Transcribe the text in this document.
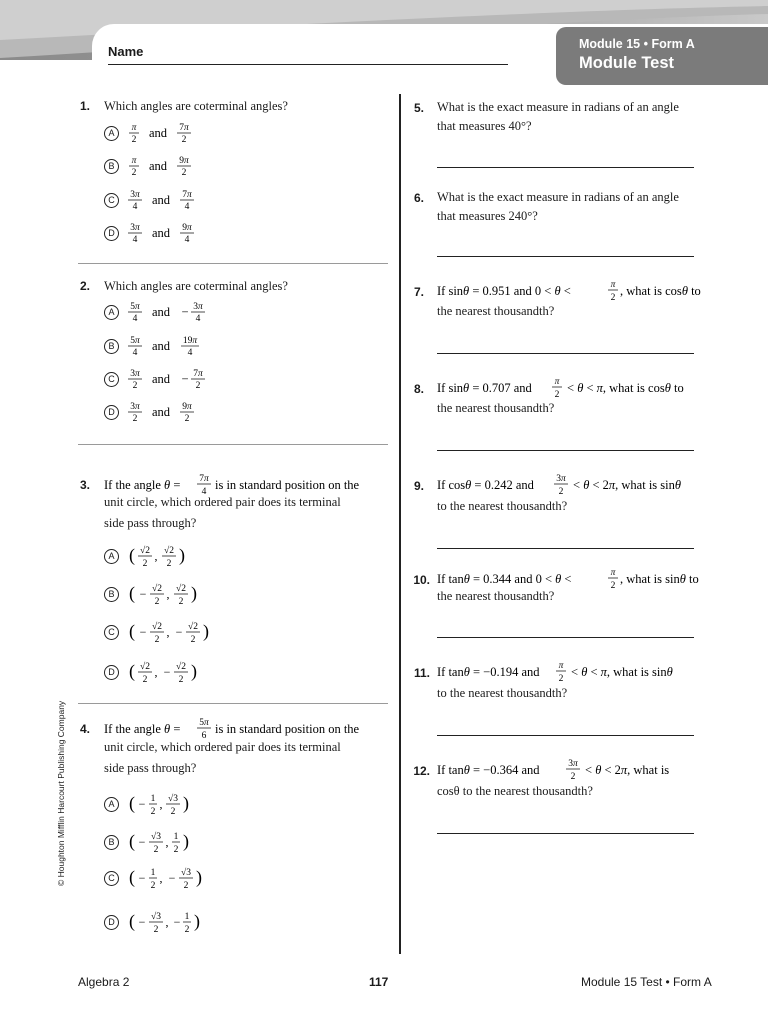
Module 15 • Form A
Module Test
Name
1. Which angles are coterminal angles?
A	π
2 and 7π
2
B	π
2 and 9π
2
C	3π
4 and 7π
4
D	3π
4 and 9π
4
2. Which angles are coterminal angles?
A	5π
4 and − 3π
4
B	5π
4 and 19π
4
C	3π
2 and − 7π
2
D	3π
2 and 9π
2
3. If the angle θ = 7π
4 is in standard position on the
unit circle, which ordered pair does its terminal
side pass through?
A ( √2
2
, √2
2 )
B ( − √2
2
, √2
2 )
C ( − √2
2
, − √2
2 )
D ( √2
2
, − √2
2 )
4. If the angle θ = 5π
6 is in standard position on the
unit circle, which ordered pair does its terminal
side pass through?
A ( − 1
2
, √3
2 )
B ( − √3
2
, 1
2 )
C ( − 1
2
, − √3
2 )
D ( − √3
2
, − 1
2 )
5. What is the exact measure in radians of an angle
that measures 40°?
6. What is the exact measure in radians of an angle
that measures 240°?
7. If sinθ = 0.951 and 0 < θ <	π
2 , what is cosθ to
the nearest thousandth?
8. If sinθ = 0.707 and π
2 < θ < π, what is cosθ to
the nearest thousandth?
9. If cosθ = 0.242 and 3π
2 < θ < 2π, what is sinθ
to the nearest thousandth?
10. If tanθ = 0.344 and 0 < θ <	π
2 , what is sinθ to
the nearest thousandth?
11. If tanθ = −0.194 and π
2 < θ < π, what is sinθ
to the nearest thousandth?
12. If tanθ = −0.364 and	3π
2 < θ < 2π, what is
cosθ to the nearest thousandth?
© Houghton Mifflin Harcourt Publishing Company
Algebra 2	117	Module 15 Test • Form A
